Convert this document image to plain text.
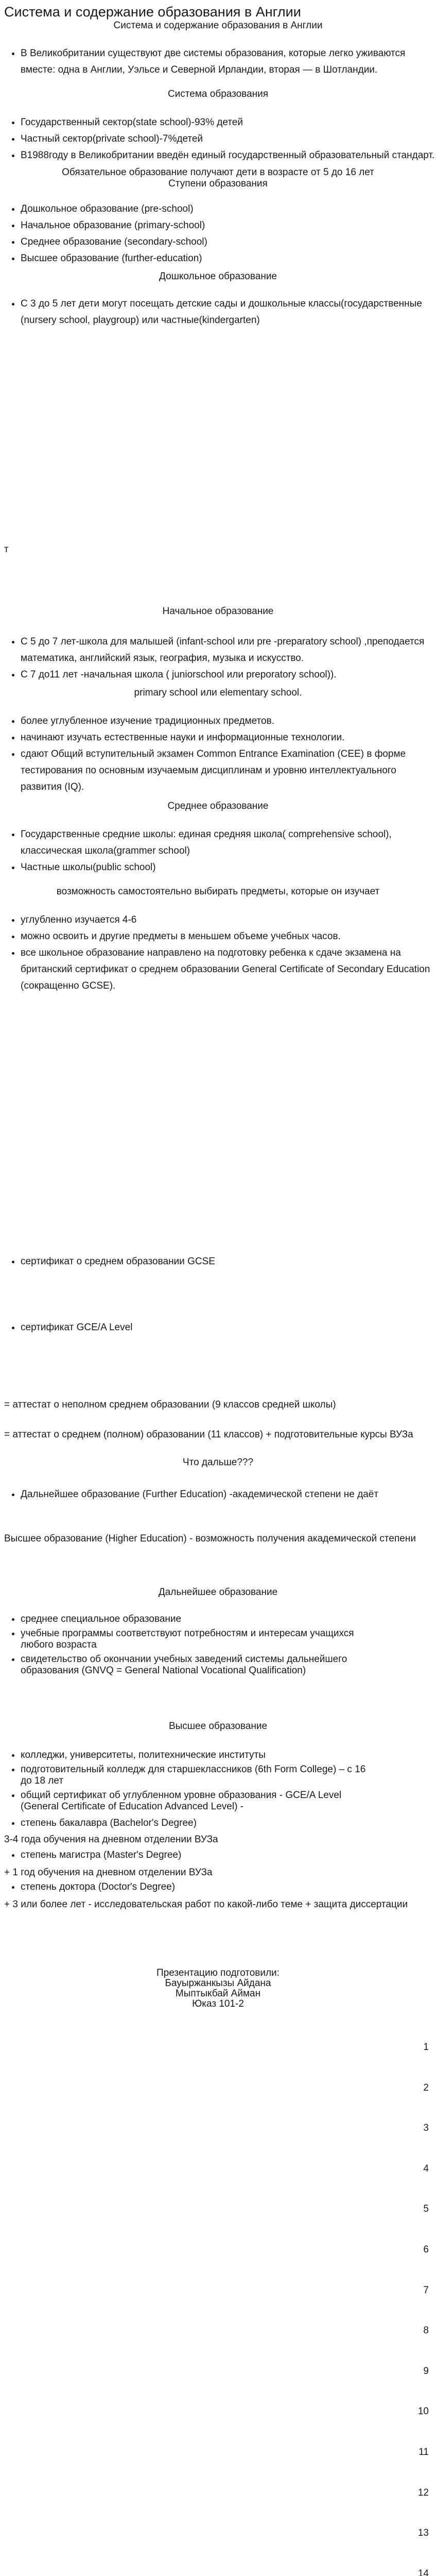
Система и содержание образования в Англии

Система и содержание образования в Англии

• В Великобритании существуют две системы образования, которые легко уживаются вместе: одна в Англии, Уэльсе и Северной Ирландии, вторая — в Шотландии.

Система образования

• Государственный сектор(state school)-93% детей
• Частный сектор(private school)-7%детей
• В1988году в Великобритании введён единый государственный образовательный стандарт.

Обязательное образование получают дети в возрасте от 5 до 16 лет

Ступени образования

• Дошкольное образование (pre-school)
• Начальное образование (primary-school)
• Среднее образование (secondary-school)
• Высшее образование (further-education)

Дошкольное образование

• С 3 до 5 лет дети могут посещать детские сады и дошкольные классы(государственные (nursery school, playgroup) или частные(kindergarten)

т

Начальное образование

• С 5 до 7 лет-школа для малышей (infant-school или pre -preparatory school) ,преподается математика, английский язык, география, музыка и искусство.
• С 7 до11 лет -начальная школа ( juniorschool или preporatory school)).

primary school или elementary school.

• более углубленное изучение традиционных предметов.
• начинают изучать естественные науки и информационные технологии.
• сдают Общий вступительный экзамен Common Entrance Examination (CEE) в форме тестирования по основным изучаемым дисциплинам и уровню интеллектуального развития (IQ).

Среднее образование

• Государственные средние школы: единая средняя школа( comprehensive school), классическая школа(grammer school)
• Частные школы(public school)

возможность самостоятельно выбирать предметы, которые он изучает

• углубленно изучается 4-6
• можно освоить и другие предметы в меньшем объеме учебных часов.
• все школьное образование направлено на подготовку ребенка к сдаче экзамена на британский сертификат о среднем образовании General Certificate of Secondary Education (сокращенно GCSE).
• сертификат о среднем образовании GCSE
• сертификат GCE/A Level

= аттестат о неполном среднем образовании (9 классов средней школы)

= аттестат о среднем (полном) образовании (11 классов) + подготовительные курсы ВУЗа

Что дальше???

• Дальнейшее образование (Further Education) -академической степени не даёт

Высшее образование (Higher Education) - возможность получения академической степени

Дальнейшее образование

• среднее специальное образование
• учебные программы соответствуют потребностям и интересам учащихся любого возраста
• свидетельство об окончании учебных заведений системы дальнейшего образования (GNVQ = General National Vocational Qualification)

Высшее образование

• колледжи, университеты, политехнические институты
• подготовительный колледж для старшеклассников (6th Form College) – с 16 до 18 лет
• общий сертификат об углубленном уровне образования - GCE/A Level (General Certificate of Education Advanced Level) -
• степень бакалавра (Bachelor's Degree)

3-4 года обучения на дневном отделении ВУЗа

• степень магистра (Master's Degree)

+ 1 год обучения на дневном отделении ВУЗа

• степень доктора (Doctor's Degree)

+ 3 или более лет - исследовательская работ по какой-либо теме + защита диссертации

Презентацию подготовили:

Бауыржанкызы Айдана

Мыптыкбай Айман

Юказ 101-2

1
2
3
4
5
6
7
8
9
10
11
12
13
14
